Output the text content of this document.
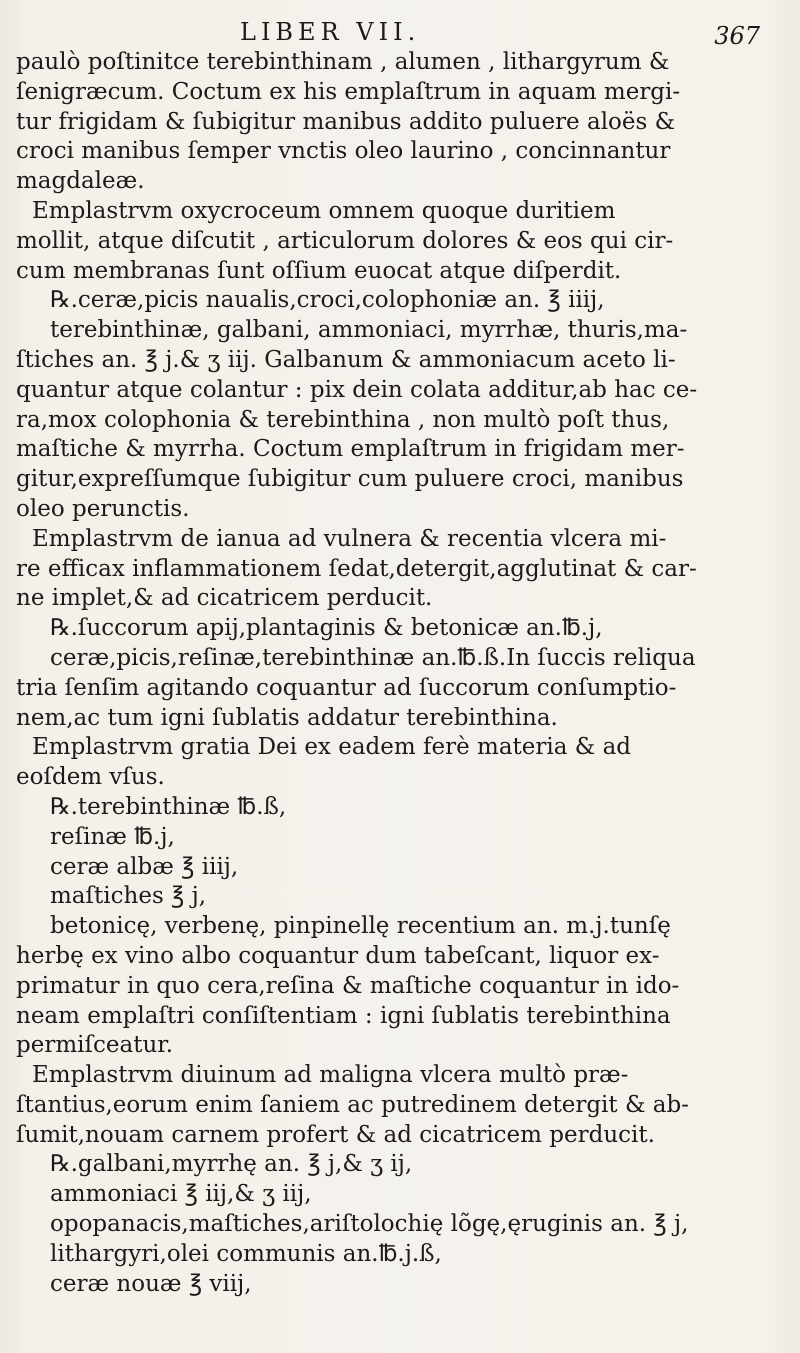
LIBER VII.	367
paulò poſtinitce terebinthinam , alumen , lithargyrum &
ſenigræcum. Coctum ex his emplaſtrum in aquam mergi-
tur frigidam & ſubigitur manibus addito puluere aloës &
croci manibus ſemper vnctis oleo laurino , concinnantur
magdaleæ.
Emplastrvm oxycroceum omnem quoque duritiem
mollit, atque diſcutit , articulorum dolores & eos qui cir-
cum membranas ſunt oſſium euocat atque diſperdit.
℞.ceræ,picis naualis,croci,colophoniæ an. ℥ iiij,
terebinthinæ, galbani, ammoniaci, myrrhæ, thuris,ma-
ſtiches an. ℥ j.& ʒ iij. Galbanum & ammoniacum aceto li-
quantur atque colantur : pix dein colata additur,ab hac ce-
ra,mox colophonia & terebinthina , non multò poſt thus,
maſtiche & myrrha. Coctum emplaſtrum in frigidam mer-
gitur,expreſſumque ſubigitur cum puluere croci, manibus
oleo perunctis.
Emplastrvm de ianua ad vulnera & recentia vlcera mi-
re efficax inflammationem ſedat,detergit,agglutinat & car-
ne implet,& ad cicatricem perducit.
℞.ſuccorum apij,plantaginis & betonicæ an.℔.j,
ceræ,picis,reſinæ,terebinthinæ an.℔.ß.In ſuccis reliqua
tria ſenſim agitando coquantur ad ſuccorum conſumptio-
nem,ac tum igni ſublatis addatur terebinthina.
Emplastrvm gratia Dei ex eadem ferè materia & ad
eoſdem vſus.
℞.terebinthinæ ℔.ß,
reſinæ ℔.j,
ceræ albæ ℥ iiij,
maſtiches ℥ j,
betonicę, verbenę, pinpinellę recentium an. m.j.tunſę
herbę ex vino albo coquantur dum tabeſcant, liquor ex-
primatur in quo cera,reſina & maſtiche coquantur in ido-
neam emplaſtri conſiſtentiam : igni ſublatis terebinthina
permiſceatur.
Emplastrvm diuinum ad maligna vlcera multò præ-
ſtantius,eorum enim ſaniem ac putredinem detergit & ab-
ſumit,nouam carnem profert & ad cicatricem perducit.
℞.galbani,myrrhę an. ℥ j,& ʒ ij,
ammoniaci ℥ iij,& ʒ iij,
opopanacis,maſtiches,ariſtolochię lõgę,ęruginis an. ℥ j,
lithargyri,olei communis an.℔.j.ß,
ceræ nouæ ℥ viij,
